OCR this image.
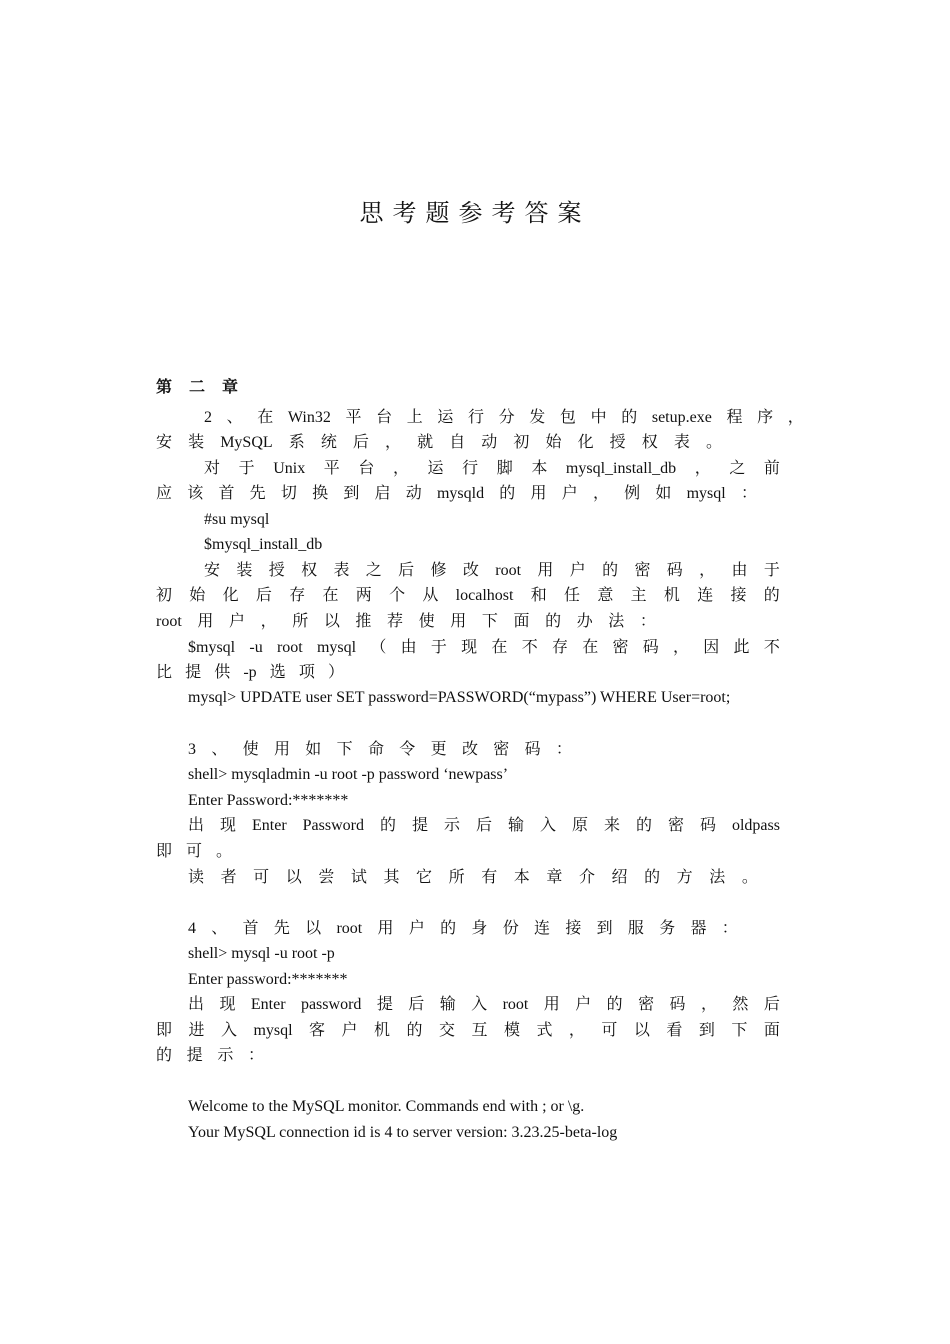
思考题参考答案
第 二 章
2 、 在 Win32 平 台 上 运 行 分 发 包 中 的 setup.exe 程 序 ，
安 装 MySQL 系 统 后 ， 就 自 动 初 始 化 授 权 表 。
对 于 Unix 平 台 ， 运 行 脚 本 mysql_install_db ， 之 前
应 该 首 先 切 换 到 启 动 mysqld 的 用 户 ， 例 如 mysql ：
#su mysql
$mysql_install_db
安 装 授 权 表 之 后 修 改 root 用 户 的 密 码 ， 由 于
初 始 化 后 存 在 两 个 从 localhost 和 任 意 主 机 连 接 的
root 用 户 ， 所 以 推 荐 使 用 下 面 的 办 法 ：
$mysql -u root mysql （ 由 于 现 在 不 存 在 密 码 ， 因 此 不
比 提 供 -p 选 项 ）
mysql> UPDATE user SET password=PASSWORD(“mypass”) WHERE User=root;
3 、 使 用 如 下 命 令 更 改 密 码 ：
shell> mysqladmin -u root -p password ‘newpass’
Enter Password:*******
出 现 Enter Password 的 提 示 后 输 入 原 来 的 密 码 oldpass
即 可 。
读 者 可 以 尝 试 其 它 所 有 本 章 介 绍 的 方 法 。
4 、 首 先 以 root 用 户 的 身 份 连 接 到 服 务 器 ：
shell> mysql -u root -p
Enter password:*******
出 现 Enter password 提 后 输 入 root 用 户 的 密 码 ， 然 后
即 进 入 mysql 客 户 机 的 交 互 模 式 ， 可 以 看 到 下 面
的 提 示 ：
Welcome to the MySQL monitor. Commands end with ; or \g.
Your MySQL connection id is 4 to server version: 3.23.25-beta-log
